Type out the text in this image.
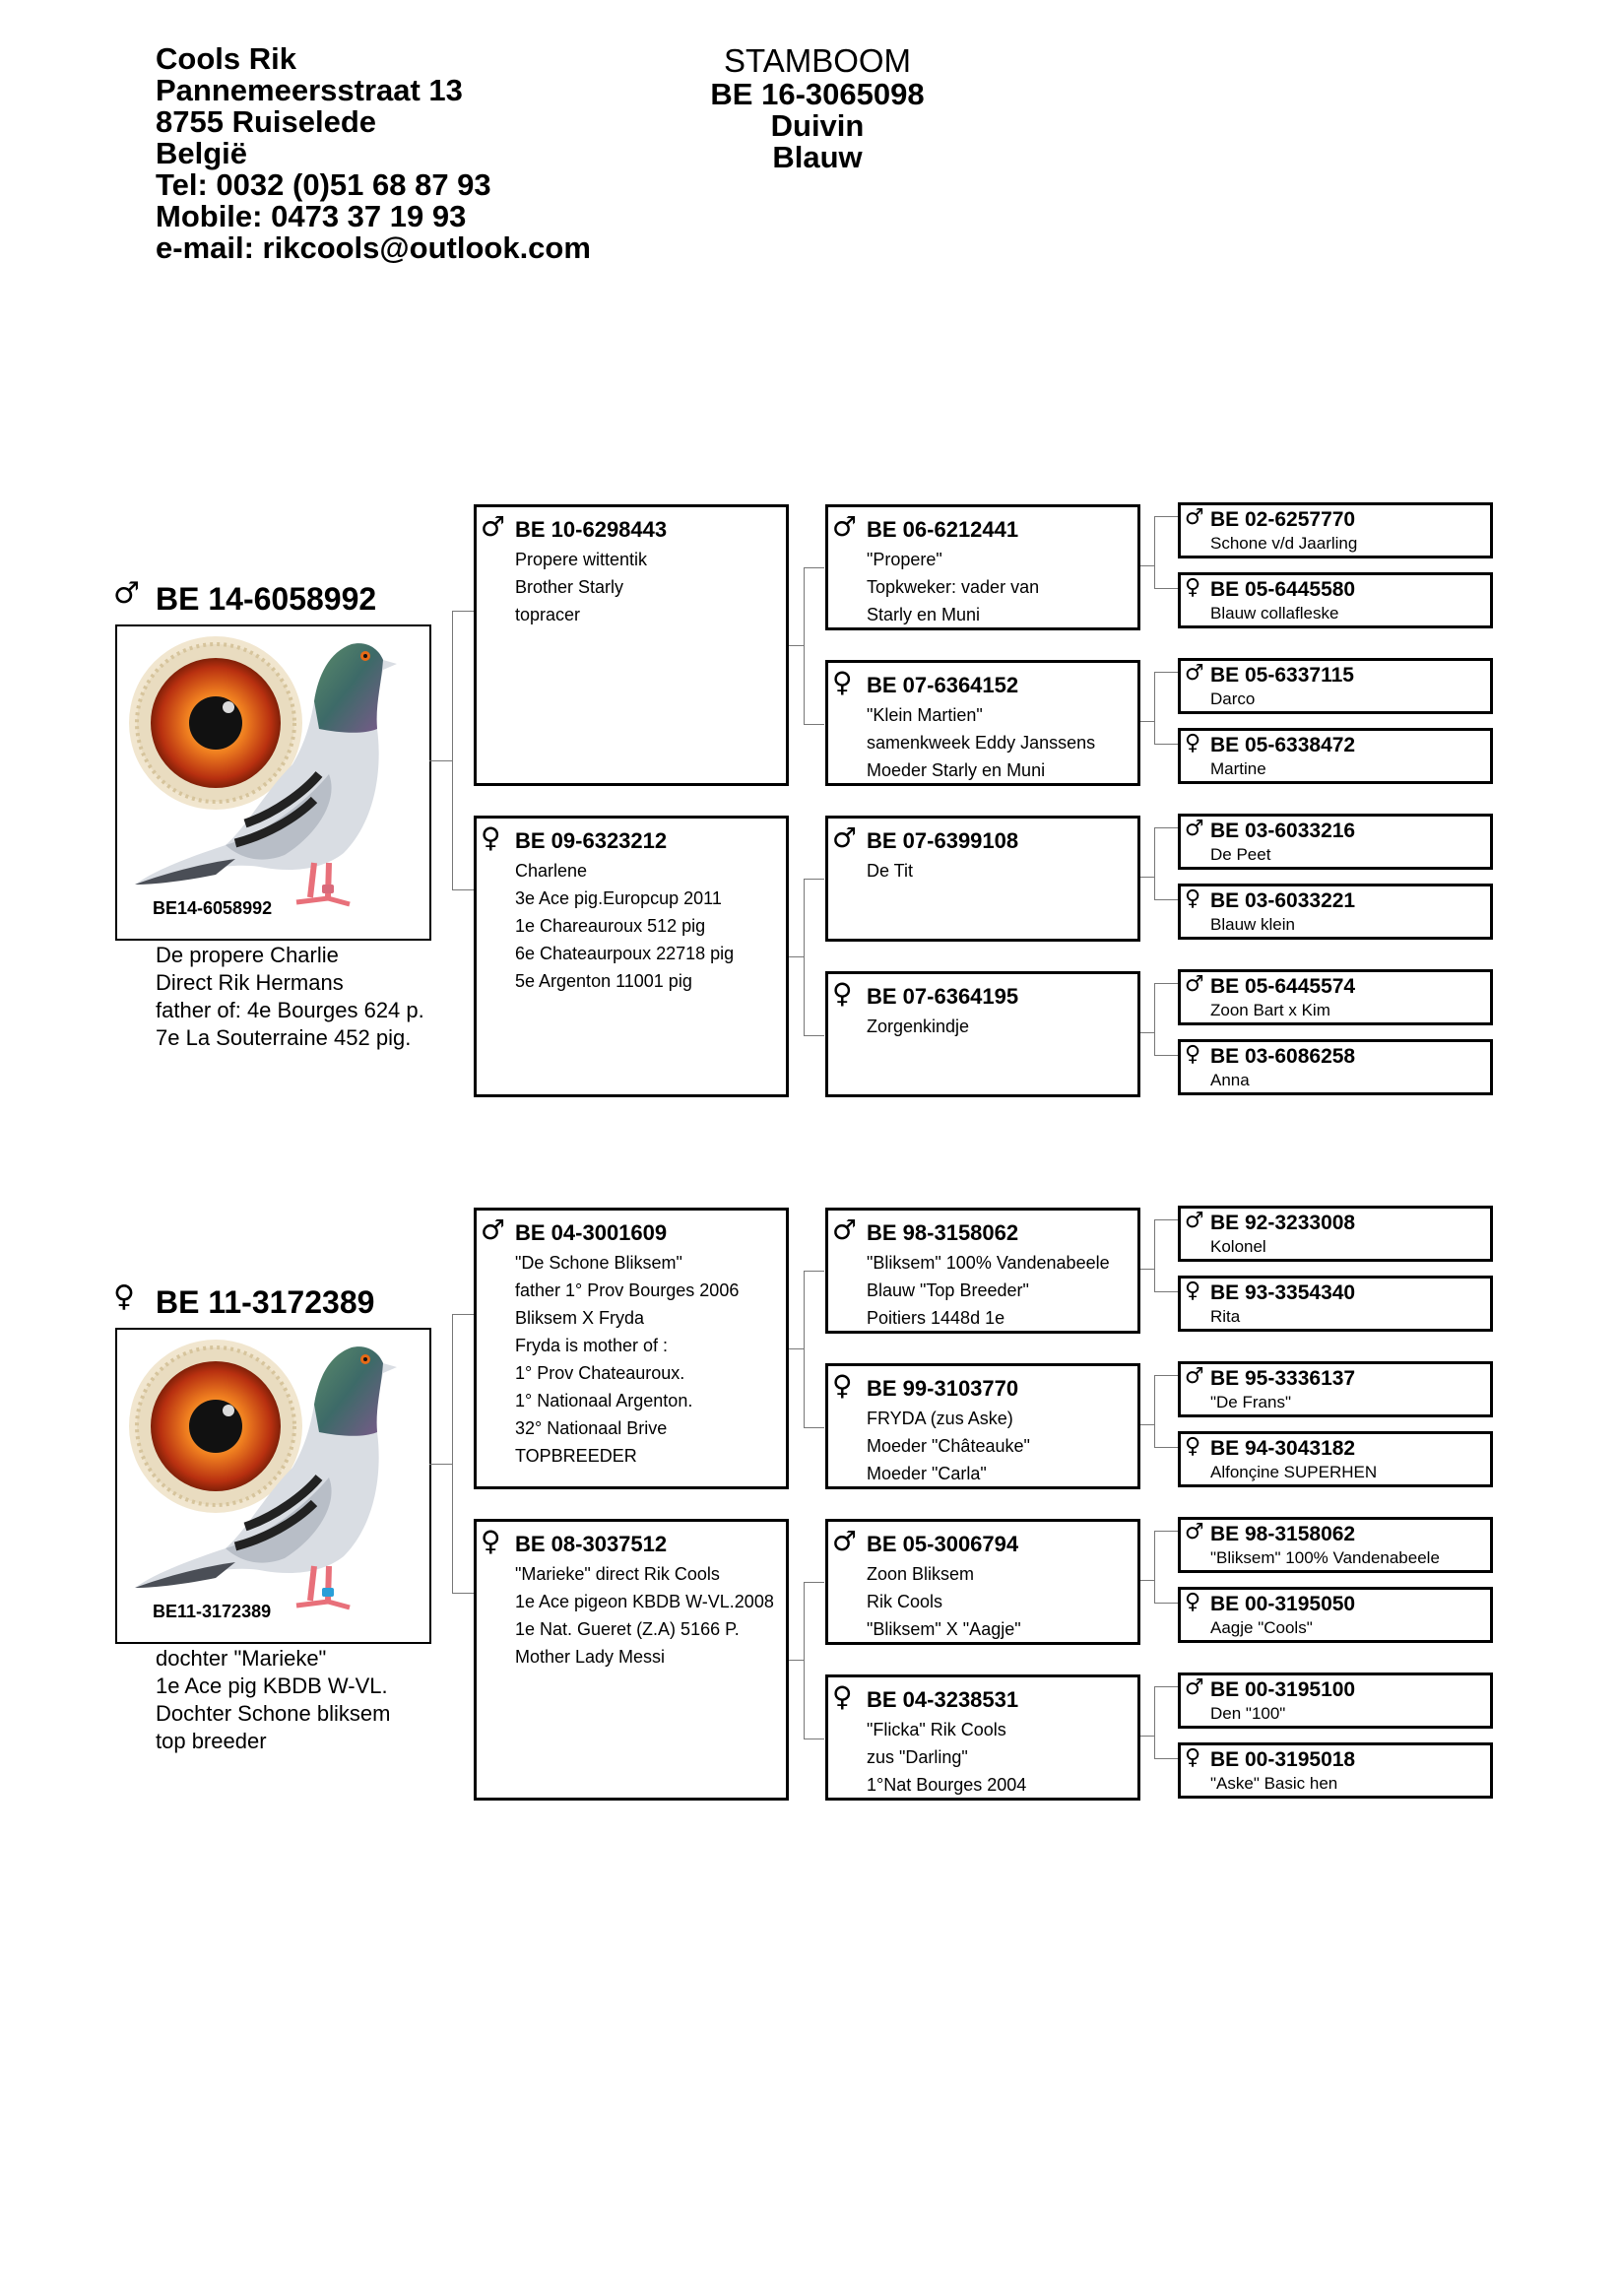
Cools Rik
Pannemeersstraat 13
8755 Ruiselede
België
Tel: 0032 (0)51 68 87 93
Mobile: 0473 37 19 93
e-mail: rikcools@outlook.com
STAMBOOM
BE 16-3065098
Duivin
Blauw
♂ BE 14-6058992
BE14-6058992
De propere Charlie
Direct Rik Hermans
father of: 4e Bourges 624 p.
7e La Souterraine 452 pig.
♂ BE 10-6298443
Propere wittentik
Brother Starly
topracer
♀ BE 09-6323212
Charlene
3e Ace pig.Europcup 2011
1e Chareauroux 512 pig
6e Chateaurpoux 22718 pig
5e Argenton 11001 pig
♂ BE 06-6212441
"Propere"
Topkweker: vader van
Starly en Muni
♀ BE 07-6364152
"Klein Martien"
samenkweek Eddy Janssens
Moeder Starly en Muni
♂ BE 07-6399108
De Tit
♀ BE 07-6364195
Zorgenkindje
♂ BE 02-6257770
Schone v/d Jaarling
♀ BE 05-6445580
Blauw collafleske
♂ BE 05-6337115
Darco
♀ BE 05-6338472
Martine
♂ BE 03-6033216
De Peet
♀ BE 03-6033221
Blauw klein
♂ BE 05-6445574
Zoon Bart x Kim
♀ BE 03-6086258
Anna
♀ BE 11-3172389
BE11-3172389
dochter "Marieke"
1e Ace pig KBDB W-VL.
Dochter Schone bliksem
top breeder
♂ BE 04-3001609
"De Schone Bliksem"
father 1° Prov Bourges 2006
Bliksem X Fryda
Fryda is mother of :
1° Prov Chateauroux.
1° Nationaal Argenton.
32° Nationaal Brive
TOPBREEDER
♀ BE 08-3037512
"Marieke" direct Rik Cools
1e Ace pigeon KBDB W-VL.2008
1e Nat. Gueret (Z.A) 5166 P.
Mother Lady Messi
♂ BE 98-3158062
"Bliksem" 100% Vandenabeele
Blauw "Top Breeder"
Poitiers 1448d 1e
♀ BE 99-3103770
FRYDA (zus Aske)
Moeder "Châteauke"
Moeder "Carla"
♂ BE 05-3006794
Zoon Bliksem
Rik Cools
"Bliksem" X "Aagje"
♀ BE 04-3238531
"Flicka" Rik Cools
zus "Darling"
1°Nat Bourges 2004
♂ BE 92-3233008
Kolonel
♀ BE 93-3354340
Rita
♂ BE 95-3336137
"De Frans"
♀ BE 94-3043182
Alfonçine SUPERHEN
♂ BE 98-3158062
"Bliksem" 100% Vandenabeele
♀ BE 00-3195050
Aagje "Cools"
♂ BE 00-3195100
Den "100"
♀ BE 00-3195018
"Aske" Basic hen
